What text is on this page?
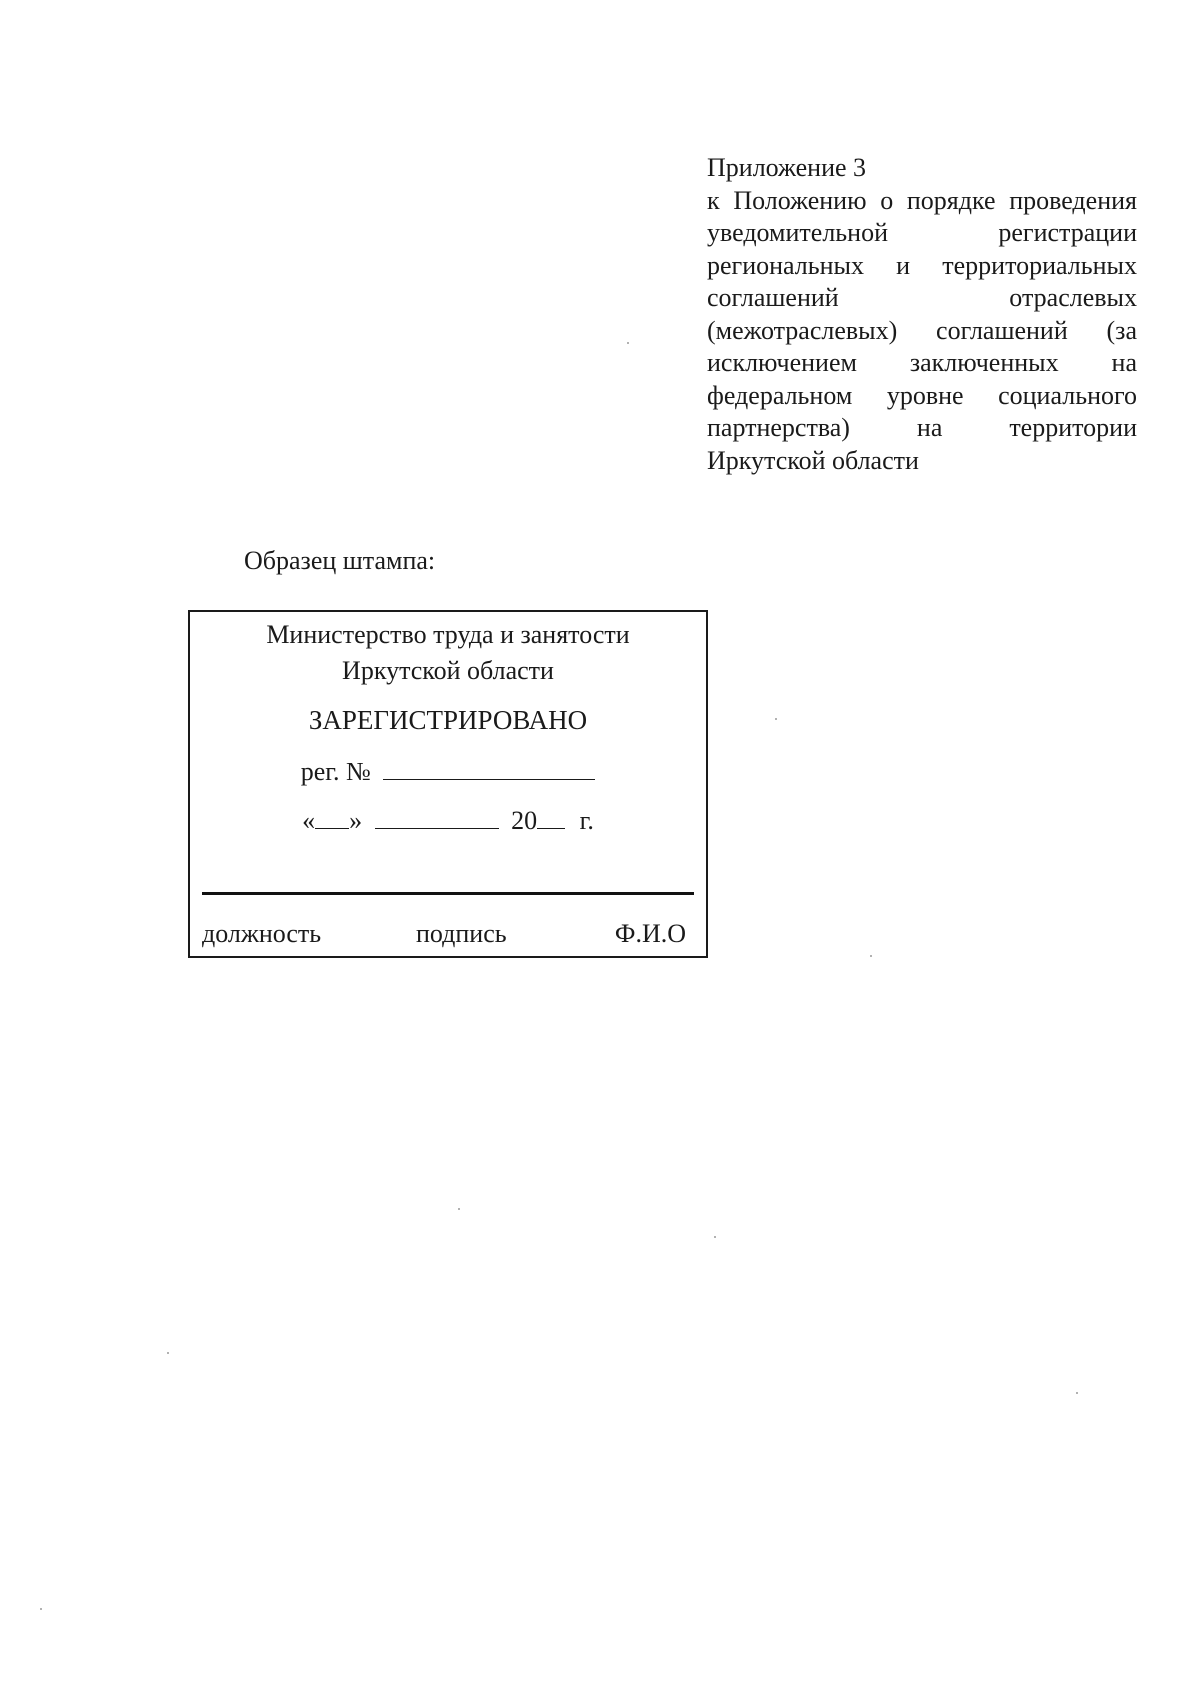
Приложение 3
к Положению о порядке проведения уведомительной регистрации региональных и территориальных соглашений отраслевых (межотраслевых) соглашений (за исключением заключенных на федеральном уровне социального партнерства) на территории Иркутской области
Образец штампа:
Министерство труда и занятости
Иркутской области
ЗАРЕГИСТРИРОВАНО
рег. №
« »	20 г.
должность	подпись	Ф.И.О
